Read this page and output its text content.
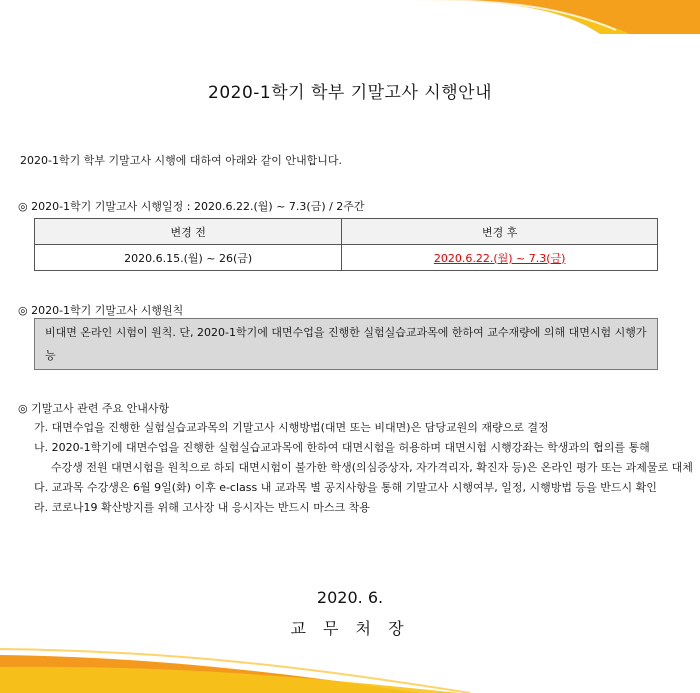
2020-1학기 학부 기말고사 시행안내
2020-1학기 학부 기말고사 시행에 대하여 아래와 같이 안내합니다.
◎ 2020-1학기 기말고사 시행일정 : 2020.6.22.(월) ~ 7.3(금) / 2주간
변경 전	변경 후
2020.6.15.(월) ~ 26(금)	2020.6.22.(월) ~ 7.3(금)
◎ 2020-1학기 기말고사 시행원칙
비대면 온라인 시험이 원칙. 단, 2020-1학기에 대면수업을 진행한 실험실습교과목에 한하여 교수재량에 의해 대면시험 시행가능
◎ 기말고사 관련 주요 안내사항
가. 대면수업을 진행한 실험실습교과목의 기말고사 시행방법(대면 또는 비대면)은 담당교원의 재량으로 결정
나. 2020-1학기에 대면수업을 진행한 실험실습교과목에 한하여 대면시험을 허용하며 대면시험 시행강좌는 학생과의 협의를 통해
수강생 전원 대면시험을 원칙으로 하되 대면시험이 불가한 학생(의심증상자, 자가격리자, 확진자 등)은 온라인 평가 또는 과제물로 대체
다. 교과목 수강생은 6월 9일(화) 이후 e-class 내 교과목 별 공지사항을 통해 기말고사 시행여부, 일정, 시행방법 등을 반드시 확인
라. 코로나19 확산방지를 위해 고사장 내 응시자는 반드시 마스크 착용
2020. 6.
교 무 처 장
